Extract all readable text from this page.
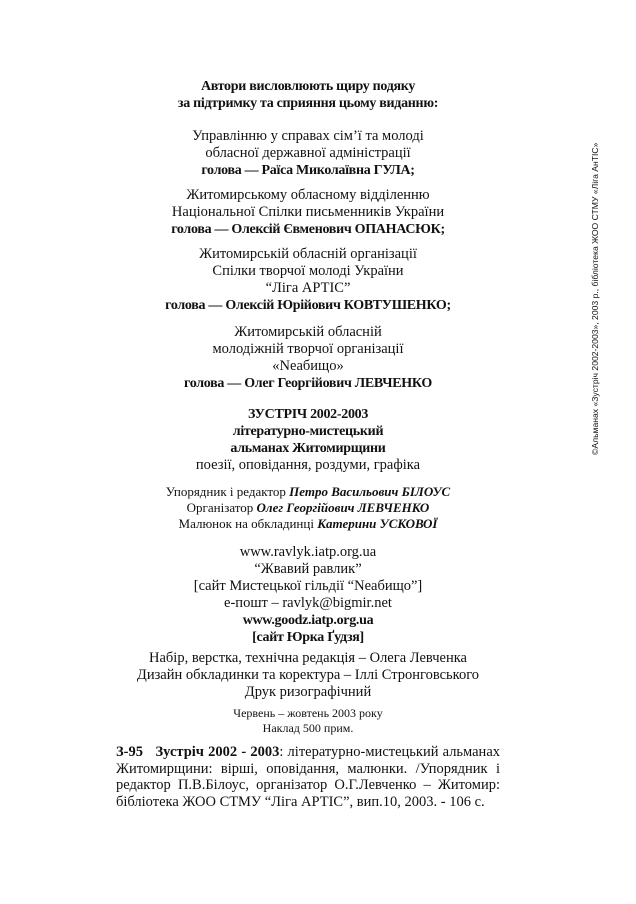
Автори висловлюють щиру подяку
за підтримку та сприяння цьому виданню:
Управлінню у справах сім’ї та молоді
обласної державної адміністрації
голова — Раїса Миколаївна ГУЛА;
Житомирському обласному відділенню
Національної Спілки письменників України
голова — Олексій Євменович ОПАНАСЮК;
Житомирській обласній організації
Спілки творчої молоді України
“Ліга АРТІС”
голова — Олексій Юрійович КОВТУШЕНКО;
Житомирській обласній
молодіжній творчої організації
«Neабищо»
голова — Олег Георгійович ЛЕВЧЕНКО
ЗУСТРІЧ 2002-2003
літературно-мистецький
альманах Житомирщини
поезії, оповідання, роздуми, графіка
Упорядник і редактор Петро Васильович БІЛОУС
Організатор Олег Георгійович ЛЕВЧЕНКО
Малюнок на обкладинці Катерини УСКОВОЇ
www.ravlyk.iatp.org.ua
“Жвавий равлик”
[сайт Мистецької гільдії “Neабищо”]
е-пошт – ravlyk@bigmir.net
www.goodz.iatp.org.ua
[сайт Юрка Ґудзя]
Набір, верстка, технічна редакція – Олега Левченка
Дизайн обкладинки та коректура – Іллі Стронговського
Друк ризографічний
Червень – жовтень 2003 року
Наклад 500 прим.
З-95 Зустріч 2002 - 2003: літературно-мистецький альманах
Житомирщини: вірші, оповідання, малюнки. /Упорядник і
редактор П.В.Білоус, організатор О.Г.Левченко – Житомир:
бібліотека ЖОО СТМУ “Ліга АРТІС”, вип.10, 2003. - 106 с.
©Альманах «Зустріч 2002-2003», 2003 р., бібліотека ЖОО СТМУ «Ліга АнТІС»
